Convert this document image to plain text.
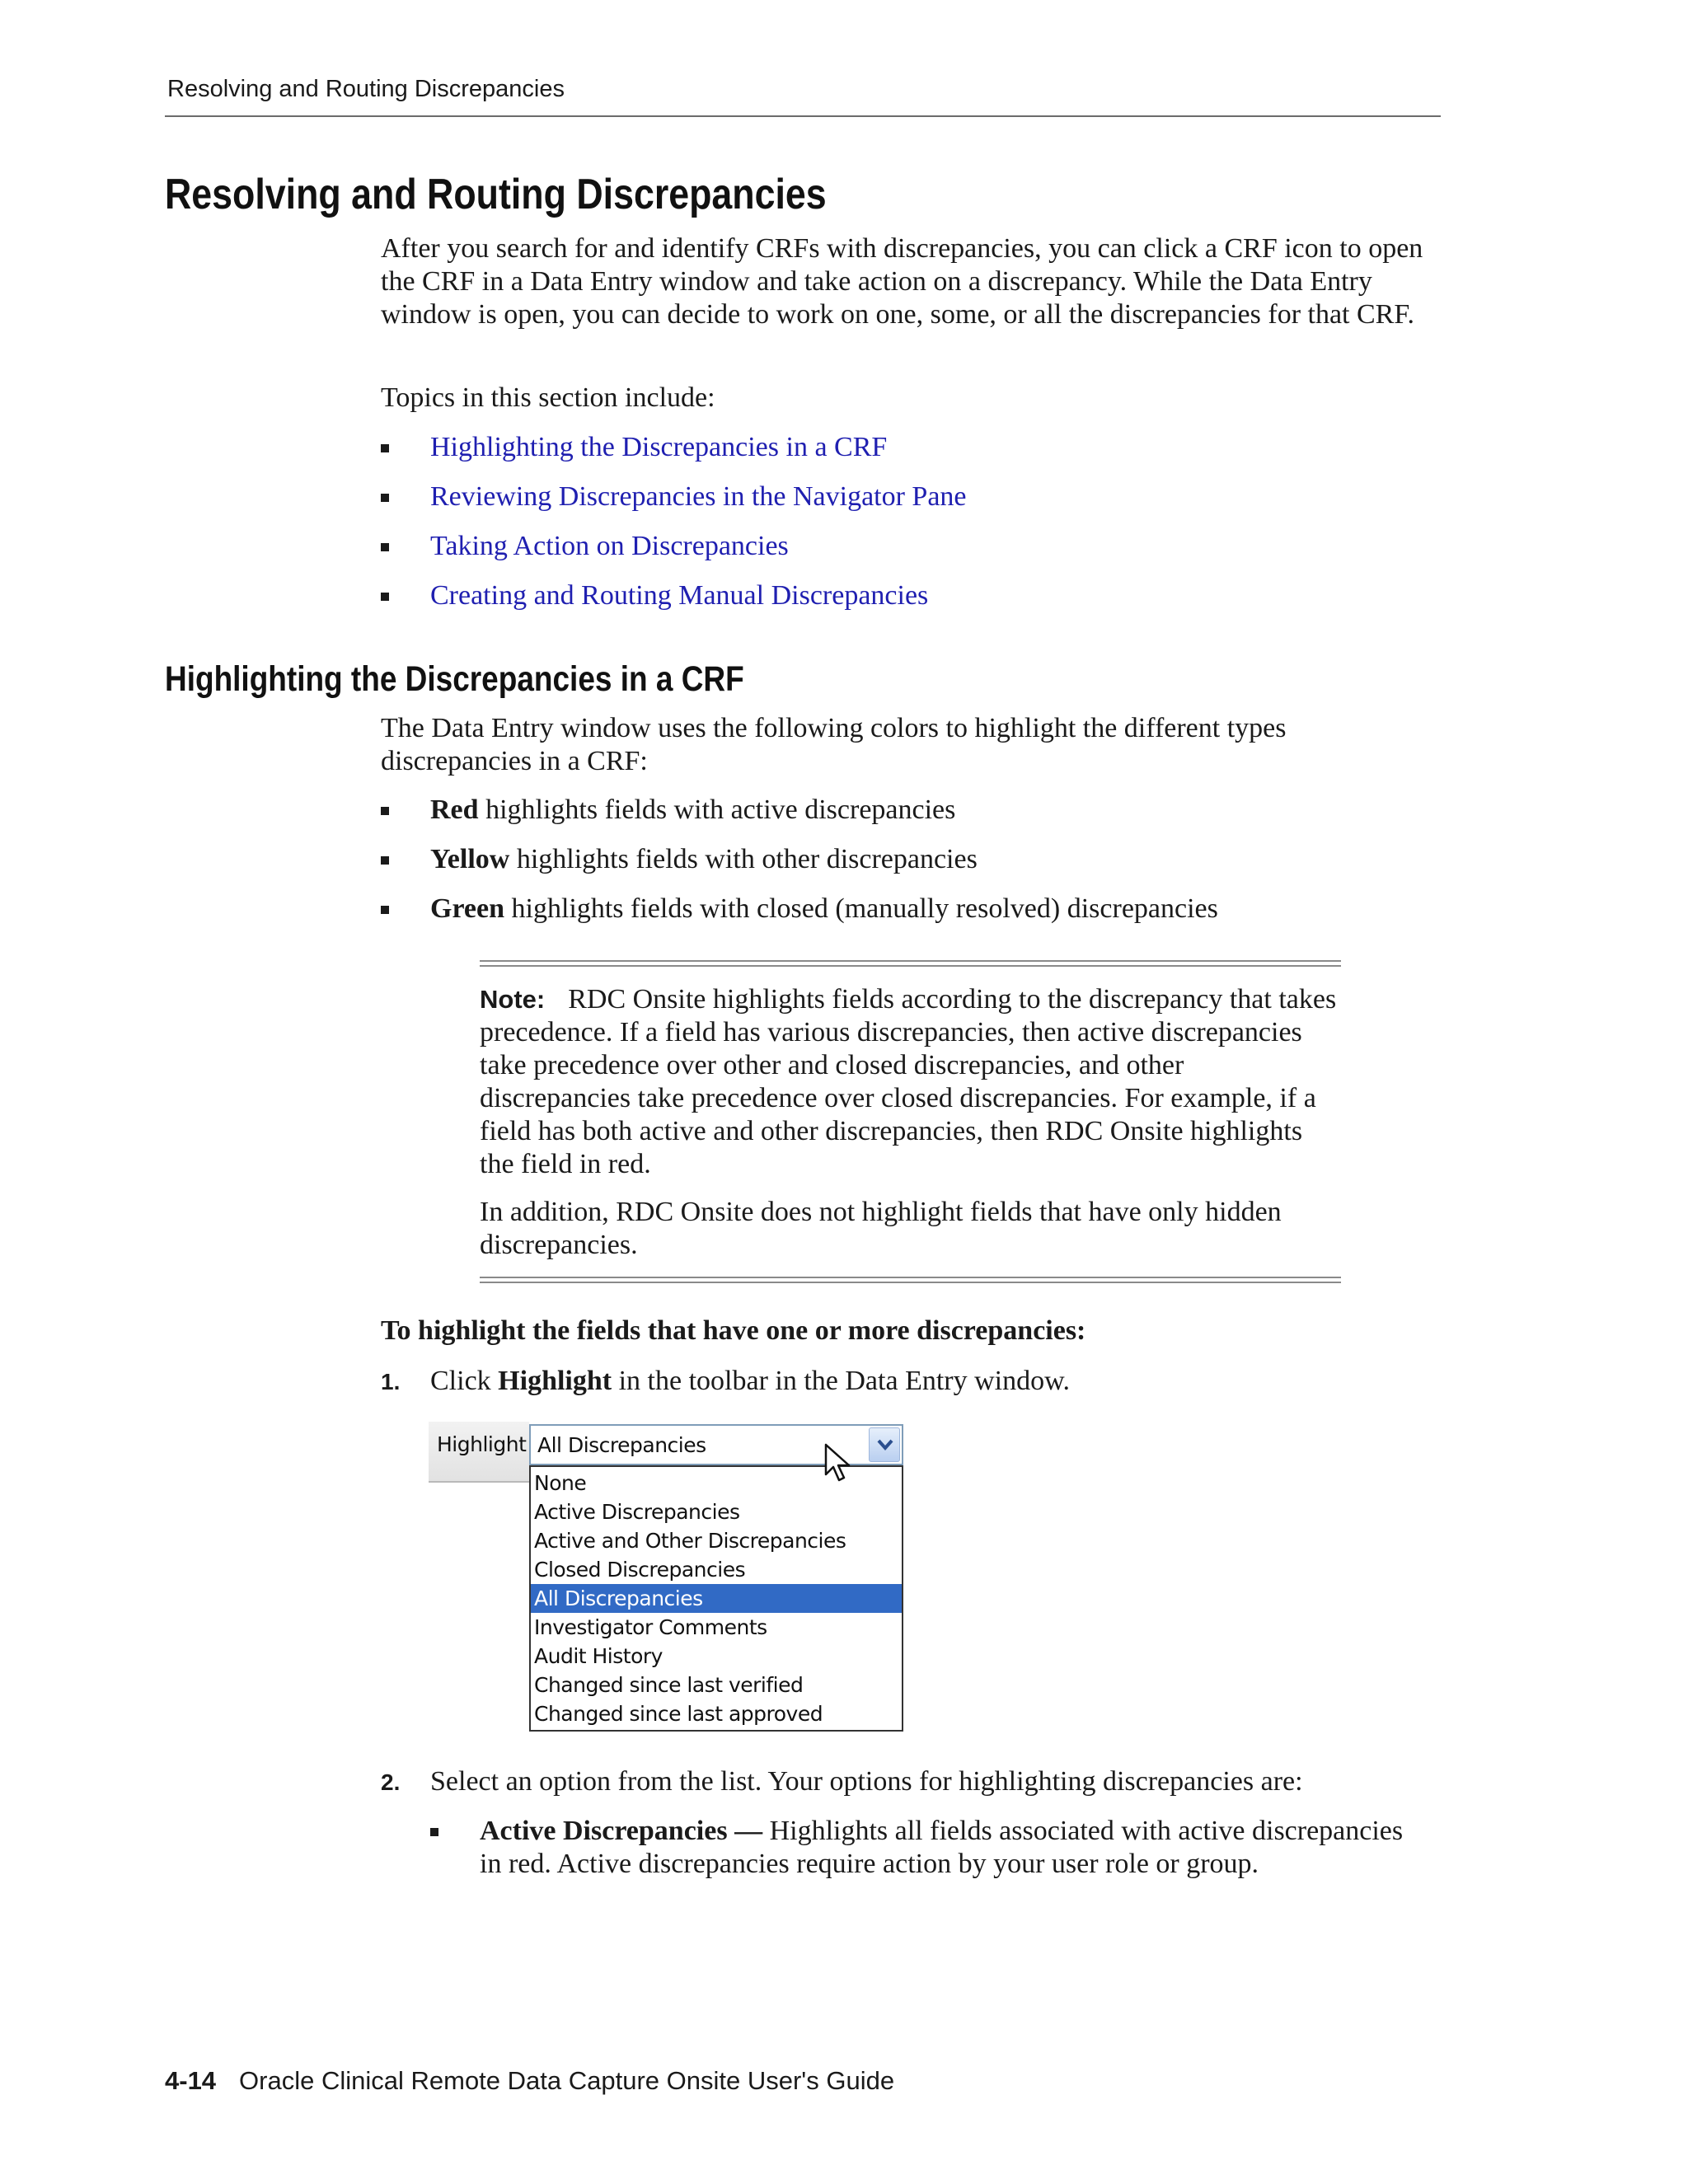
Resolving and Routing Discrepancies
Resolving and Routing Discrepancies

After you search for and identify CRFs with discrepancies, you can click a CRF icon to open the CRF in a Data Entry window and take action on a discrepancy. While the Data Entry window is open, you can decide to work on one, some, or all the discrepancies for that CRF.

Topics in this section include:

Highlighting the Discrepancies in a CRF
Reviewing Discrepancies in the Navigator Pane
Taking Action on Discrepancies
Creating and Routing Manual Discrepancies
Highlighting the Discrepancies in a CRF

The Data Entry window uses the following colors to highlight the different types discrepancies in a CRF:

Red highlights fields with active discrepancies
Yellow highlights fields with other discrepancies
Green highlights fields with closed (manually resolved) discrepancies

Note: RDC Onsite highlights fields according to the discrepancy that takes precedence. If a field has various discrepancies, then active discrepancies take precedence over other and closed discrepancies, and other discrepancies take precedence over closed discrepancies. For example, if a field has both active and other discrepancies, then RDC Onsite highlights the field in red.

In addition, RDC Onsite does not highlight fields that have only hidden discrepancies.

To highlight the fields that have one or more discrepancies:
1. Click Highlight in the toolbar in the Data Entry window.
Highlight All Discrepancies
None
Active Discrepancies
Active and Other Discrepancies
Closed Discrepancies
All Discrepancies
Investigator Comments
Audit History
Changed since last verified
Changed since last approved
2. Select an option from the list. Your options for highlighting discrepancies are:

Active Discrepancies — Highlights all fields associated with active discrepancies in red. Active discrepancies require action by your user role or group.

4-14 Oracle Clinical Remote Data Capture Onsite User's Guide
